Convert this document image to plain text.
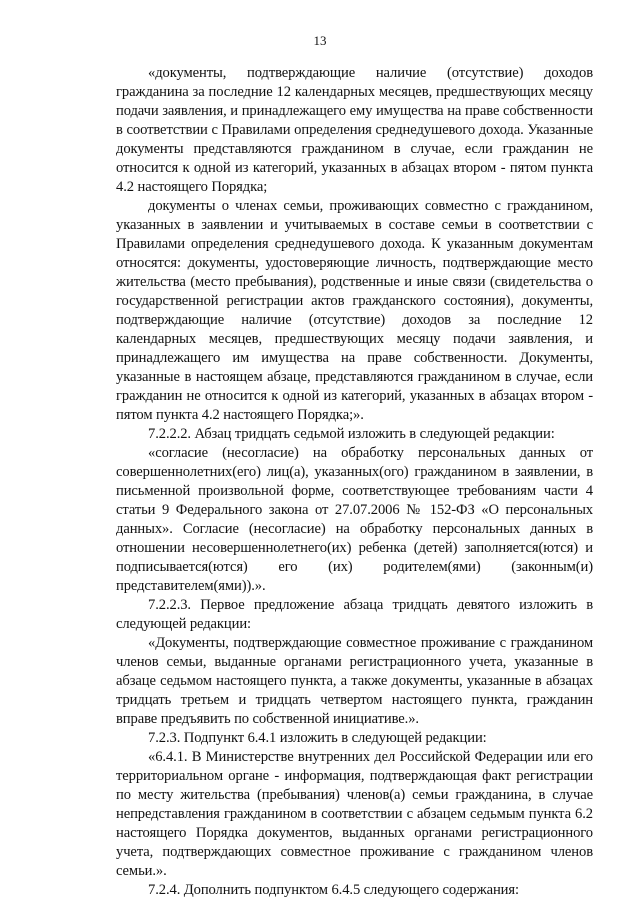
13

«документы, подтверждающие наличие (отсутствие) доходов гражданина за последние 12 календарных месяцев, предшествующих месяцу подачи заявления, и принадлежащего ему имущества на праве собственности в соответствии с Правилами определения среднедушевого дохода. Указанные документы представляются гражданином в случае, если гражданин не относится к одной из категорий, указанных в абзацах втором - пятом пункта 4.2 настоящего Порядка;

документы о членах семьи, проживающих совместно с гражданином, указанных в заявлении и учитываемых в составе семьи в соответствии с Правилами определения среднедушевого дохода. К указанным документам относятся: документы, удостоверяющие личность, подтверждающие место жительства (место пребывания), родственные и иные связи (свидетельства о государственной регистрации актов гражданского состояния), документы, подтверждающие наличие (отсутствие) доходов за последние 12 календарных месяцев, предшествующих месяцу подачи заявления, и принадлежащего им имущества на праве собственности. Документы, указанные в настоящем абзаце, представляются гражданином в случае, если гражданин не относится к одной из категорий, указанных в абзацах втором - пятом пункта 4.2 настоящего Порядка;».

7.2.2.2. Абзац тридцать седьмой изложить в следующей редакции:

«согласие (несогласие) на обработку персональных данных от совершеннолетних(его) лиц(а), указанных(ого) гражданином в заявлении, в письменной произвольной форме, соответствующее требованиям части 4 статьи 9 Федерального закона от 27.07.2006 № 152-ФЗ «О персональных данных». Согласие (несогласие) на обработку персональных данных в отношении несовершеннолетнего(их) ребенка (детей) заполняется(ются) и подписывается(ются) его (их) родителем(ями) (законным(и) представителем(ями)).».

7.2.2.3. Первое предложение абзаца тридцать девятого изложить в следующей редакции:

«Документы, подтверждающие совместное проживание с гражданином членов семьи, выданные органами регистрационного учета, указанные в абзаце седьмом настоящего пункта, а также документы, указанные в абзацах тридцать третьем и тридцать четвертом настоящего пункта, гражданин вправе предъявить по собственной инициативе.».

7.2.3. Подпункт 6.4.1 изложить в следующей редакции:

«6.4.1. В Министерстве внутренних дел Российской Федерации или его территориальном органе - информация, подтверждающая факт регистрации по месту жительства (пребывания) членов(а) семьи гражданина, в случае непредставления гражданином в соответствии с абзацем седьмым пункта 6.2 настоящего Порядка документов, выданных органами регистрационного учета, подтверждающих совместное проживание с гражданином членов семьи.».

7.2.4. Дополнить подпунктом 6.4.5 следующего содержания:
